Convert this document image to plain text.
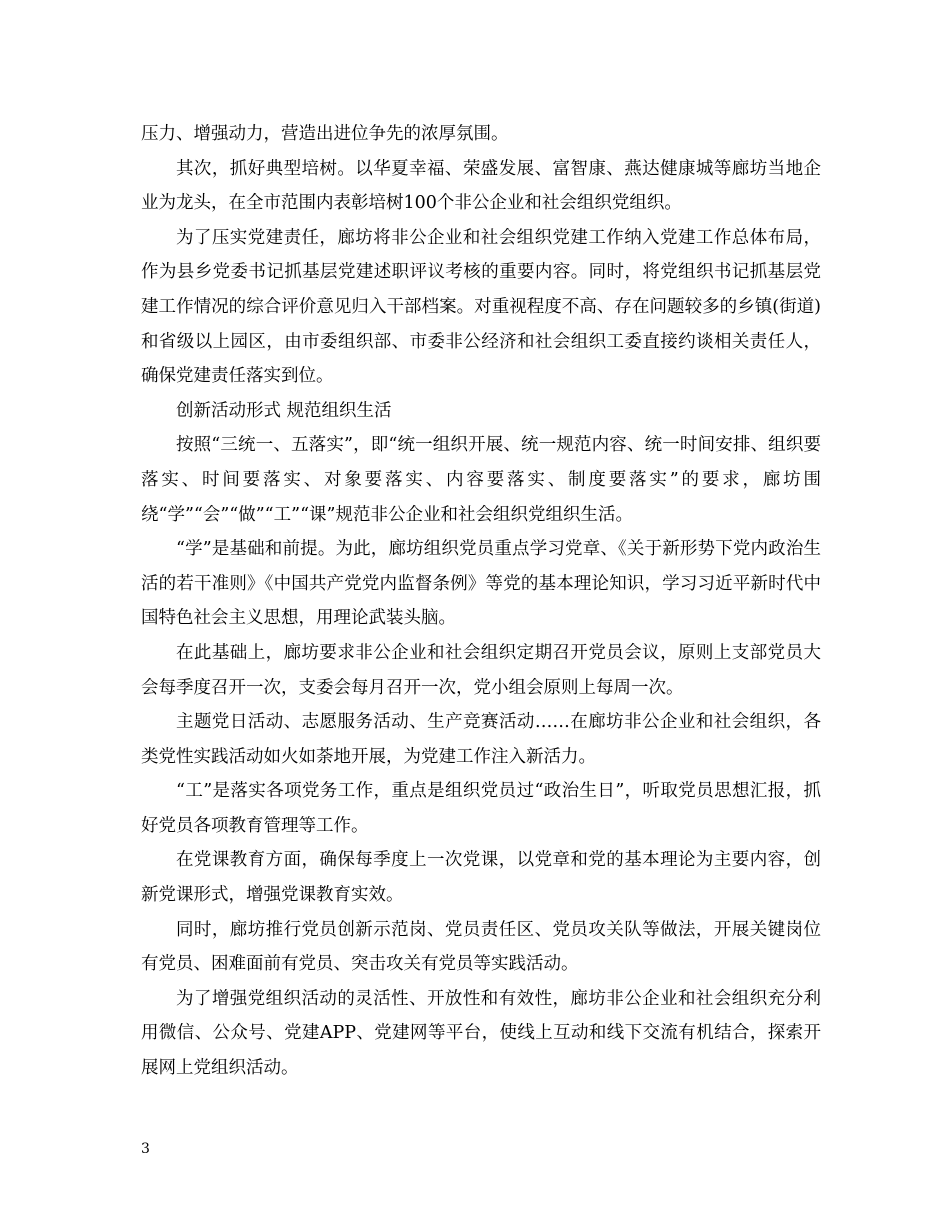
压力、增强动力，营造出进位争先的浓厚氛围。

其次，抓好典型培树。以华夏幸福、荣盛发展、富智康、燕达健康城等廊坊当地企业为龙头，在全市范围内表彰培树100个非公企业和社会组织党组织。

为了压实党建责任，廊坊将非公企业和社会组织党建工作纳入党建工作总体布局，作为县乡党委书记抓基层党建述职评议考核的重要内容。同时，将党组织书记抓基层党建工作情况的综合评价意见归入干部档案。对重视程度不高、存在问题较多的乡镇(街道)和省级以上园区，由市委组织部、市委非公经济和社会组织工委直接约谈相关责任人，确保党建责任落实到位。

创新活动形式 规范组织生活

按照“三统一、五落实”，即“统一组织开展、统一规范内容、统一时间安排、组织要落实、时间要落实、对象要落实、内容要落实、制度要落实”的要求，廊坊围绕“学”“会”“做”“工”“课”规范非公企业和社会组织党组织生活。

“学”是基础和前提。为此，廊坊组织党员重点学习党章、《关于新形势下党内政治生活的若干准则》《中国共产党党内监督条例》等党的基本理论知识，学习习近平新时代中国特色社会主义思想，用理论武装头脑。

在此基础上，廊坊要求非公企业和社会组织定期召开党员会议，原则上支部党员大会每季度召开一次，支委会每月召开一次，党小组会原则上每周一次。

主题党日活动、志愿服务活动、生产竞赛活动……在廊坊非公企业和社会组织，各类党性实践活动如火如荼地开展，为党建工作注入新活力。

“工”是落实各项党务工作，重点是组织党员过“政治生日”，听取党员思想汇报，抓好党员各项教育管理等工作。

在党课教育方面，确保每季度上一次党课，以党章和党的基本理论为主要内容，创新党课形式，增强党课教育实效。

同时，廊坊推行党员创新示范岗、党员责任区、党员攻关队等做法，开展关键岗位有党员、困难面前有党员、突击攻关有党员等实践活动。

为了增强党组织活动的灵活性、开放性和有效性，廊坊非公企业和社会组织充分利用微信、公众号、党建APP、党建网等平台，使线上互动和线下交流有机结合，探索开展网上党组织活动。

3
